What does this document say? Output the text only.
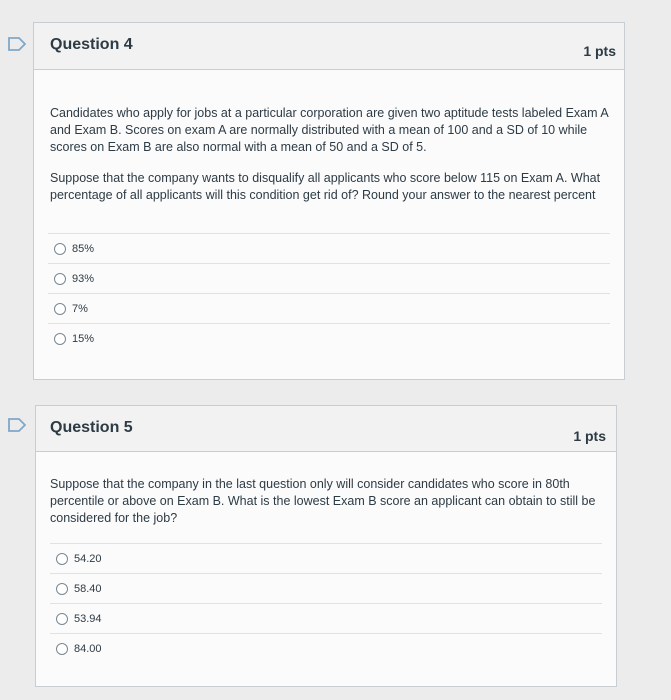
Question 4	1 pts

Candidates who apply for jobs at a particular corporation are given two aptitude tests labeled Exam A and Exam B. Scores on exam A are normally distributed with a mean of 100 and a SD of 10 while scores on Exam B are also normal with a mean of 50 and a SD of 5.

Suppose that the company wants to disqualify all applicants who score below 115 on Exam A. What percentage of all applicants will this condition get rid of? Round your answer to the nearest percent

85%
93%
7%
15%
Question 5	1 pts

Suppose that the company in the last question only will consider candidates who score in 80th percentile or above on Exam B. What is the lowest Exam B score an applicant can obtain to still be considered for the job?

54.20
58.40
53.94
84.00
